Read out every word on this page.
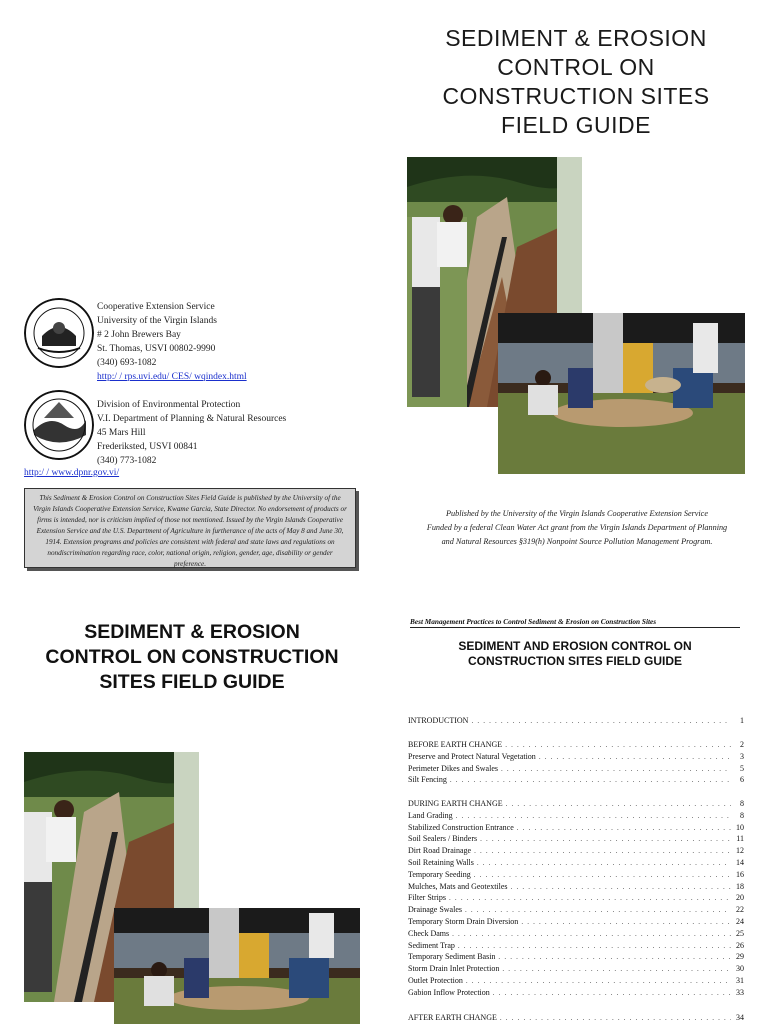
SEDIMENT & EROSION
CONTROL ON
CONSTRUCTION SITES
FIELD GUIDE
Cooperative Extension Service
University of the Virgin Islands
# 2 John Brewers Bay
St. Thomas, USVI 00802-9990
(340) 693-1082
http:/ / rps.uvi.edu/ CES/ wqindex.html
Division of Environmental Protection
V.I. Department of Planning & Natural Resources
45 Mars Hill
Frederiksted, USVI 00841
(340) 773-1082
http:/ / www.dpnr.gov.vi/
This Sediment & Erosion Control on Construction Sites Field Guide is published by the University of the Virgin Islands Cooperative Extension Service, Kwame Garcia, State Director. No endorsement of products or firms is intended, nor is criticism implied of those not mentioned. Issued by the Virgin Islands Cooperative Extension Service and the U.S. Department of Agriculture in furtherance of the acts of May 8 and June 30, 1914. Extension programs and policies are consistent with federal and state laws and regulations on nondiscrimination regarding race, color, national origin, religion, gender, age, disability or gender preference.
Published by the University of the Virgin Islands Cooperative Extension Service
Funded by a federal Clean Water Act grant from the Virgin Islands Department of Planning
and Natural Resources §319(h) Nonpoint Source Pollution Management Program.
SEDIMENT & EROSION
CONTROL ON CONSTRUCTION
SITES FIELD GUIDE
Best Management Practices to Control Sediment & Erosion on Construction Sites
SEDIMENT AND EROSION CONTROL ON
CONSTRUCTION SITES FIELD GUIDE
INTRODUCTION . . .	1
BEFORE EARTH CHANGE . . .	2
Preserve and Protect Natural Vegetation . . .	3
Perimeter Dikes and Swales . . .	5
Silt Fencing . . .	6
DURING EARTH CHANGE . . .	8
Land Grading . . .	8
Stabilized Construction Entrance . . .	10
Soil Sealers / Binders . . .	11
Dirt Road Drainage . . .	12
Soil Retaining Walls . . .	14
Temporary Seeding . . .	16
Mulches, Mats and Geotextiles . . .	18
Filter Strips . . .	20
Drainage Swales . . .	22
Temporary Storm Drain Diversion . . .	24
Check Dams . . .	25
Sediment Trap . . .	26
Temporary Sediment Basin . . .	29
Storm Drain Inlet Protection . . .	30
Outlet Protection . . .	31
Gabion Inflow Protection . . .	33
AFTER EARTH CHANGE . . .	34
